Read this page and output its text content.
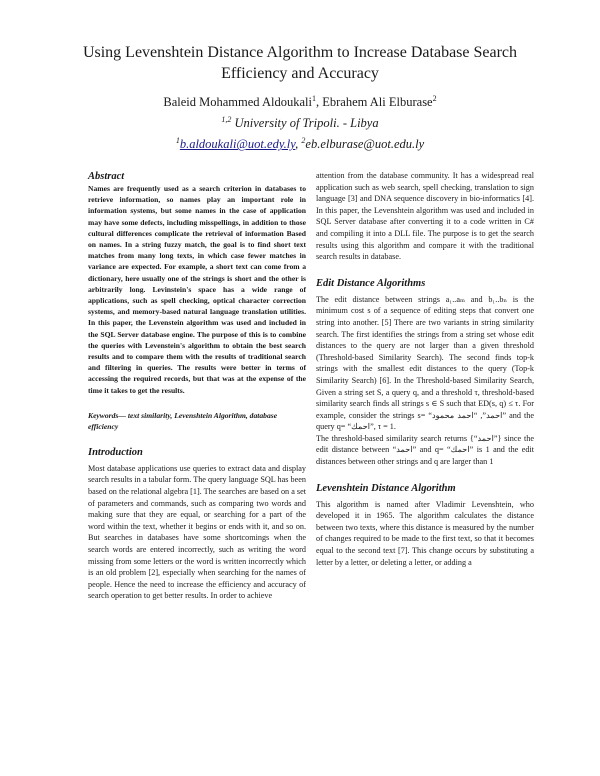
Using Levenshtein Distance Algorithm to Increase Database Search Efficiency and Accuracy
Baleid Mohammed Aldoukali$^1$, Ebrahem Ali Elburase$^2$
$^{1,2}$ University of Tripoli. - Libya
$^1$b.aldoukali@uot.edy.ly, $^2$eb.elburase@uot.edu.ly
Abstract

Names are frequently used as a search criterion in databases to retrieve information, so names play an important role in information systems, but some names in the case of application may have some defects, including misspellings, in addition to those cultural differences complicate the retrieval of information Based on names. In a string fuzzy match, the goal is to find short text matches from many long texts, in which case fewer matches in variance are expected. For example, a short text can come from a dictionary, here usually one of the strings is short and the other is arbitrarily long. Levinstein's space has a wide range of applications, such as spell checking, optical character correction systems, and memory-based natural language translation utilities. In this paper, the Levenstein algorithm was used and included in the SQL Server database engine. The purpose of this is to combine the queries with Levenstein's algorithm to obtain the best search results and to compare them with the results of traditional search and filtering in queries. The results were better in terms of accessing the required records, but that was at the expense of the time it takes to get the results.

Keywords— text similarity, Levenshtein Algorithm, database efficiency
Introduction

Most database applications use queries to extract data and display search results in a tabular form. The query language SQL has been based on the relational algebra [1]. The searches are based on a set of parameters and commands, such as comparing two words and making sure that they are equal, or searching for a part of the word within the text, whether it begins or ends with it, and so on. But searches in databases have some shortcomings when the search words are entered incorrectly, such as writing the word missing from some letters or the word is written incorrectly which is an old problem [2], especially when searching for the names of people. Hence the need to increase the efficiency and accuracy of search operation to get better results. In order to achieve

attention from the database community. It has a widespread real application such as web search, spell checking, translation to sign language [3] and DNA sequence discovery in bio-informatics [4]. In this paper, the Levenshtein algorithm was used and included in SQL Server database after converting it to a code written in C# and compiling it into a DLL file. The purpose is to get the search results using this algorithm and compare it with the traditional search results in database.

Edit Distance Algorithms

The edit distance between strings a₁..aₘ and b₁..bₙ is the minimum cost s of a sequence of editing steps that convert one string into another. [5] There are two variants in string similarity search. The first identifies the strings from a string set whose edit distances to the query are not larger than a given threshold (Threshold-based Similarity Search). The second finds top-k strings with the smallest edit distances to the query (Top-k Similarity Search) [6]. In the Threshold-based Similarity Search, Given a string set S, a query q, and a threshold τ, threshold-based similarity search finds all strings s ∈ S such that ED(s, q) ≤ τ. For example, consider the strings s= “احمد”, “احمد محمود” and the query q= “احمك”, τ = 1.

The threshold-based similarity search returns {“احمد”} since the edit distance between “احمد” and q= “احمك” is 1 and the edit distances between other strings and q are larger than 1

Levenshtein Distance Algorithm

This algorithm is named after Vladimir Levenshtein, who developed it in 1965. The algorithm calculates the distance between two texts, where this distance is measured by the number of changes required to be made to the first text, so that it becomes equal to the second text [7]. This change occurs by substituting a letter by a letter, or deleting a letter, or adding a
